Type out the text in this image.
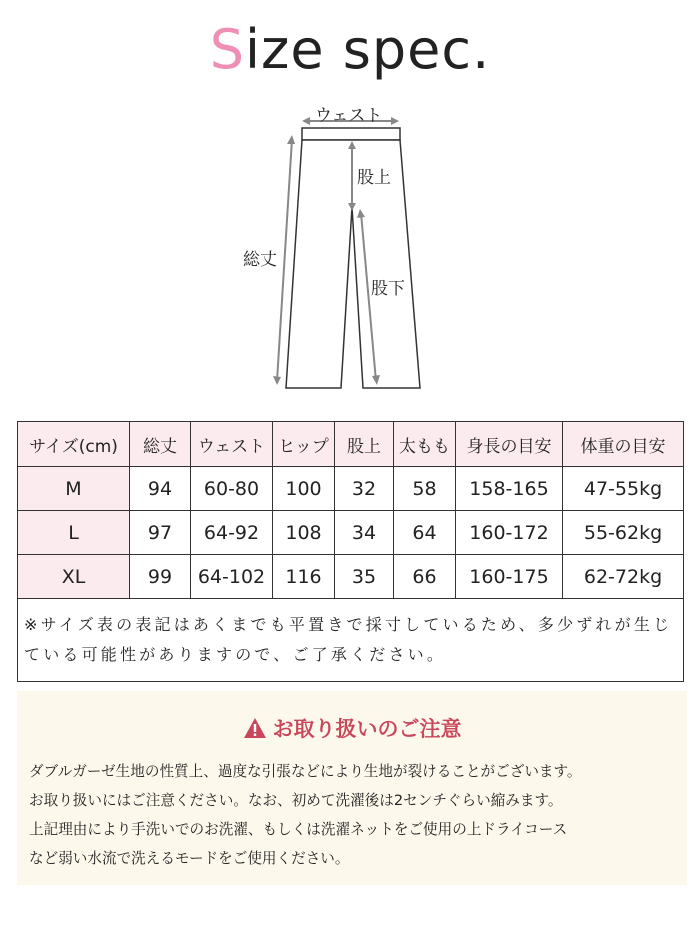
Size spec.
ウェスト
股上
総丈
股下
サイズ(cm)	総丈	ウェスト	ヒップ	股上	太もも	身長の目安	体重の目安
M	94	60-80	100	32	58	158-165	47-55kg
L	97	64-92	108	34	64	160-172	55-62kg
XL	99	64-102	116	35	66	160-175	62-72kg
※サイズ表の表記はあくまでも平置きで採寸しているため、多少ずれが生じている可能性がありますので、ご了承ください。							
お取り扱いのご注意
ダブルガーゼ生地の性質上、過度な引張などにより生地が裂けることがございます。
お取り扱いにはご注意ください。なお、初めて洗濯後は2センチぐらい縮みます。
上記理由により手洗いでのお洗濯、もしくは洗濯ネットをご使用の上ドライコース
など弱い水流で洗えるモードをご使用ください。
